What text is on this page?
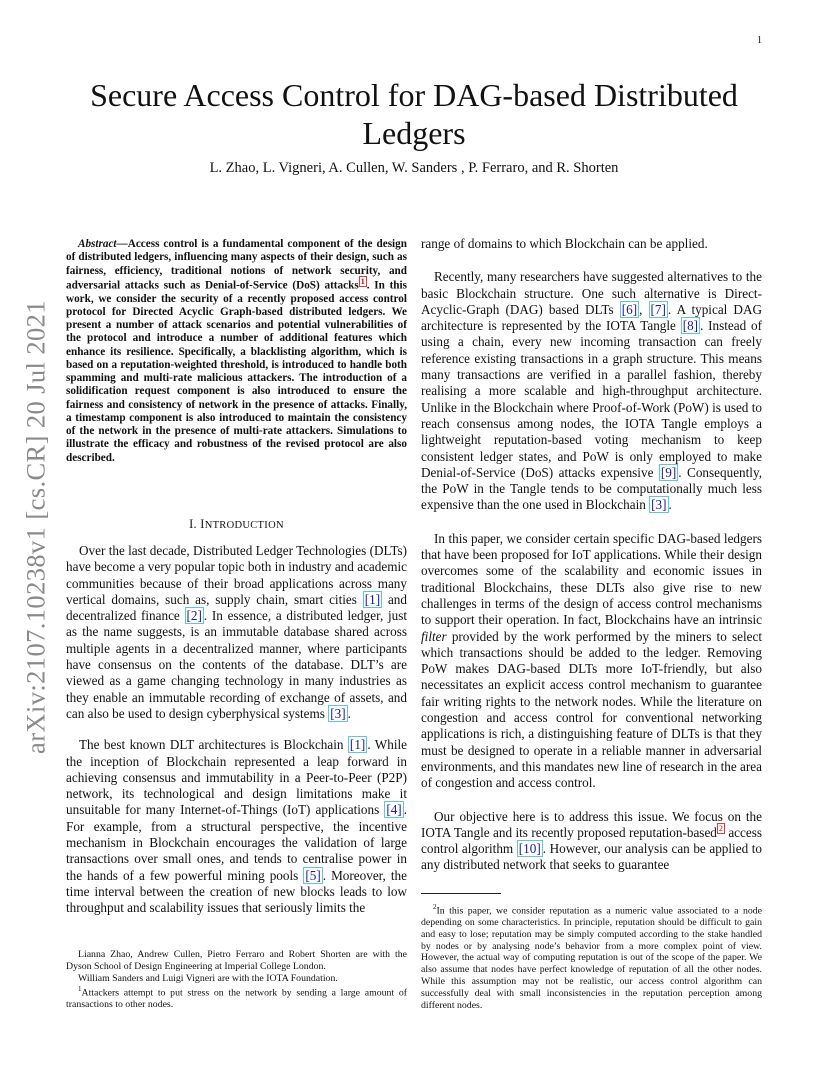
1
arXiv:2107.10238v1 [cs.CR] 20 Jul 2021
Secure Access Control for DAG-based Distributed Ledgers
L. Zhao, L. Vigneri, A. Cullen, W. Sanders , P. Ferraro, and R. Shorten

Abstract—Access control is a fundamental component of the design of distributed ledgers, influencing many aspects of their design, such as fairness, efficiency, traditional notions of network security, and adversarial attacks such as Denial-of-Service (DoS) attacks $^1$ . In this work, we consider the security of a recently proposed access control protocol for Directed Acyclic Graph-based distributed ledgers. We present a number of attack scenarios and potential vulnerabilities of the protocol and introduce a number of additional features which enhance its resilience. Specifically, a blacklisting algorithm, which is based on a reputation-weighted threshold, is introduced to handle both spamming and multi-rate malicious attackers. The introduction of a solidification request component is also introduced to ensure the fairness and consistency of network in the presence of attacks. Finally, a timestamp component is also introduced to maintain the consistency of the network in the presence of multi-rate attackers. Simulations to illustrate the efficacy and robustness of the revised protocol are also described.

I. INTRODUCTION

Over the last decade, Distributed Ledger Technologies (DLTs) have become a very popular topic both in industry and academic communities because of their broad applications across many vertical domains, such as, supply chain, smart cities [1] and decentralized finance [2] . In essence, a distributed ledger, just as the name suggests, is an immutable database shared across multiple agents in a decentralized manner, where participants have consensus on the contents of the database. DLT’s are viewed as a game changing technology in many industries as they enable an immutable recording of exchange of assets, and can also be used to design cyberphysical systems [3] .

The best known DLT architectures is Blockchain [1] . While the inception of Blockchain represented a leap forward in achieving consensus and immutability in a Peer-to-Peer (P2P) network, its technological and design limitations make it unsuitable for many Internet-of-Things (IoT) applications [4] . For example, from a structural perspective, the incentive mechanism in Blockchain encourages the validation of large transactions over small ones, and tends to centralise power in the hands of a few powerful mining pools [5] . Moreover, the time interval between the creation of new blocks leads to low throughput and scalability issues that seriously limits the

Lianna Zhao, Andrew Cullen, Pietro Ferraro and Robert Shorten are with the Dyson School of Design Engineering at Imperial College London.

William Sanders and Luigi Vigneri are with the IOTA Foundation.

$^1$Attackers attempt to put stress on the network by sending a large amount of transactions to other nodes.

range of domains to which Blockchain can be applied.

Recently, many researchers have suggested alternatives to the basic Blockchain structure. One such alternative is Direct-Acyclic-Graph (DAG) based DLTs [6] , [7] . A typical DAG architecture is represented by the IOTA Tangle [8] . Instead of using a chain, every new incoming transaction can freely reference existing transactions in a graph structure. This means many transactions are verified in a parallel fashion, thereby realising a more scalable and high-throughput architecture. Unlike in the Blockchain where Proof-of-Work (PoW) is used to reach consensus among nodes, the IOTA Tangle employs a lightweight reputation-based voting mechanism to keep consistent ledger states, and PoW is only employed to make Denial-of-Service (DoS) attacks expensive [9] . Consequently, the PoW in the Tangle tends to be computationally much less expensive than the one used in Blockchain [3] .

In this paper, we consider certain specific DAG-based ledgers that have been proposed for IoT applications. While their design overcomes some of the scalability and economic issues in traditional Blockchains, these DLTs also give rise to new challenges in terms of the design of access control mechanisms to support their operation. In fact, Blockchains have an intrinsic filter provided by the work performed by the miners to select which transactions should be added to the ledger. Removing PoW makes DAG-based DLTs more IoT-friendly, but also necessitates an explicit access control mechanism to guarantee fair writing rights to the network nodes. While the literature on congestion and access control for conventional networking applications is rich, a distinguishing feature of DLTs is that they must be designed to operate in a reliable manner in adversarial environments, and this mandates new line of research in the area of congestion and access control.

Our objective here is to address this issue. We focus on the IOTA Tangle and its recently proposed reputation-based $^2$ access control algorithm [10] . However, our analysis can be applied to any distributed network that seeks to guarantee

$^2$In this paper, we consider reputation as a numeric value associated to a node depending on some characteristics. In principle, reputation should be difficult to gain and easy to lose; reputation may be simply computed according to the stake handled by nodes or by analysing node’s behavior from a more complex point of view. However, the actual way of computing reputation is out of the scope of the paper. We also assume that nodes have perfect knowledge of reputation of all the other nodes. While this assumption may not be realistic, our access control algorithm can successfully deal with small inconsistencies in the reputation perception among different nodes.
